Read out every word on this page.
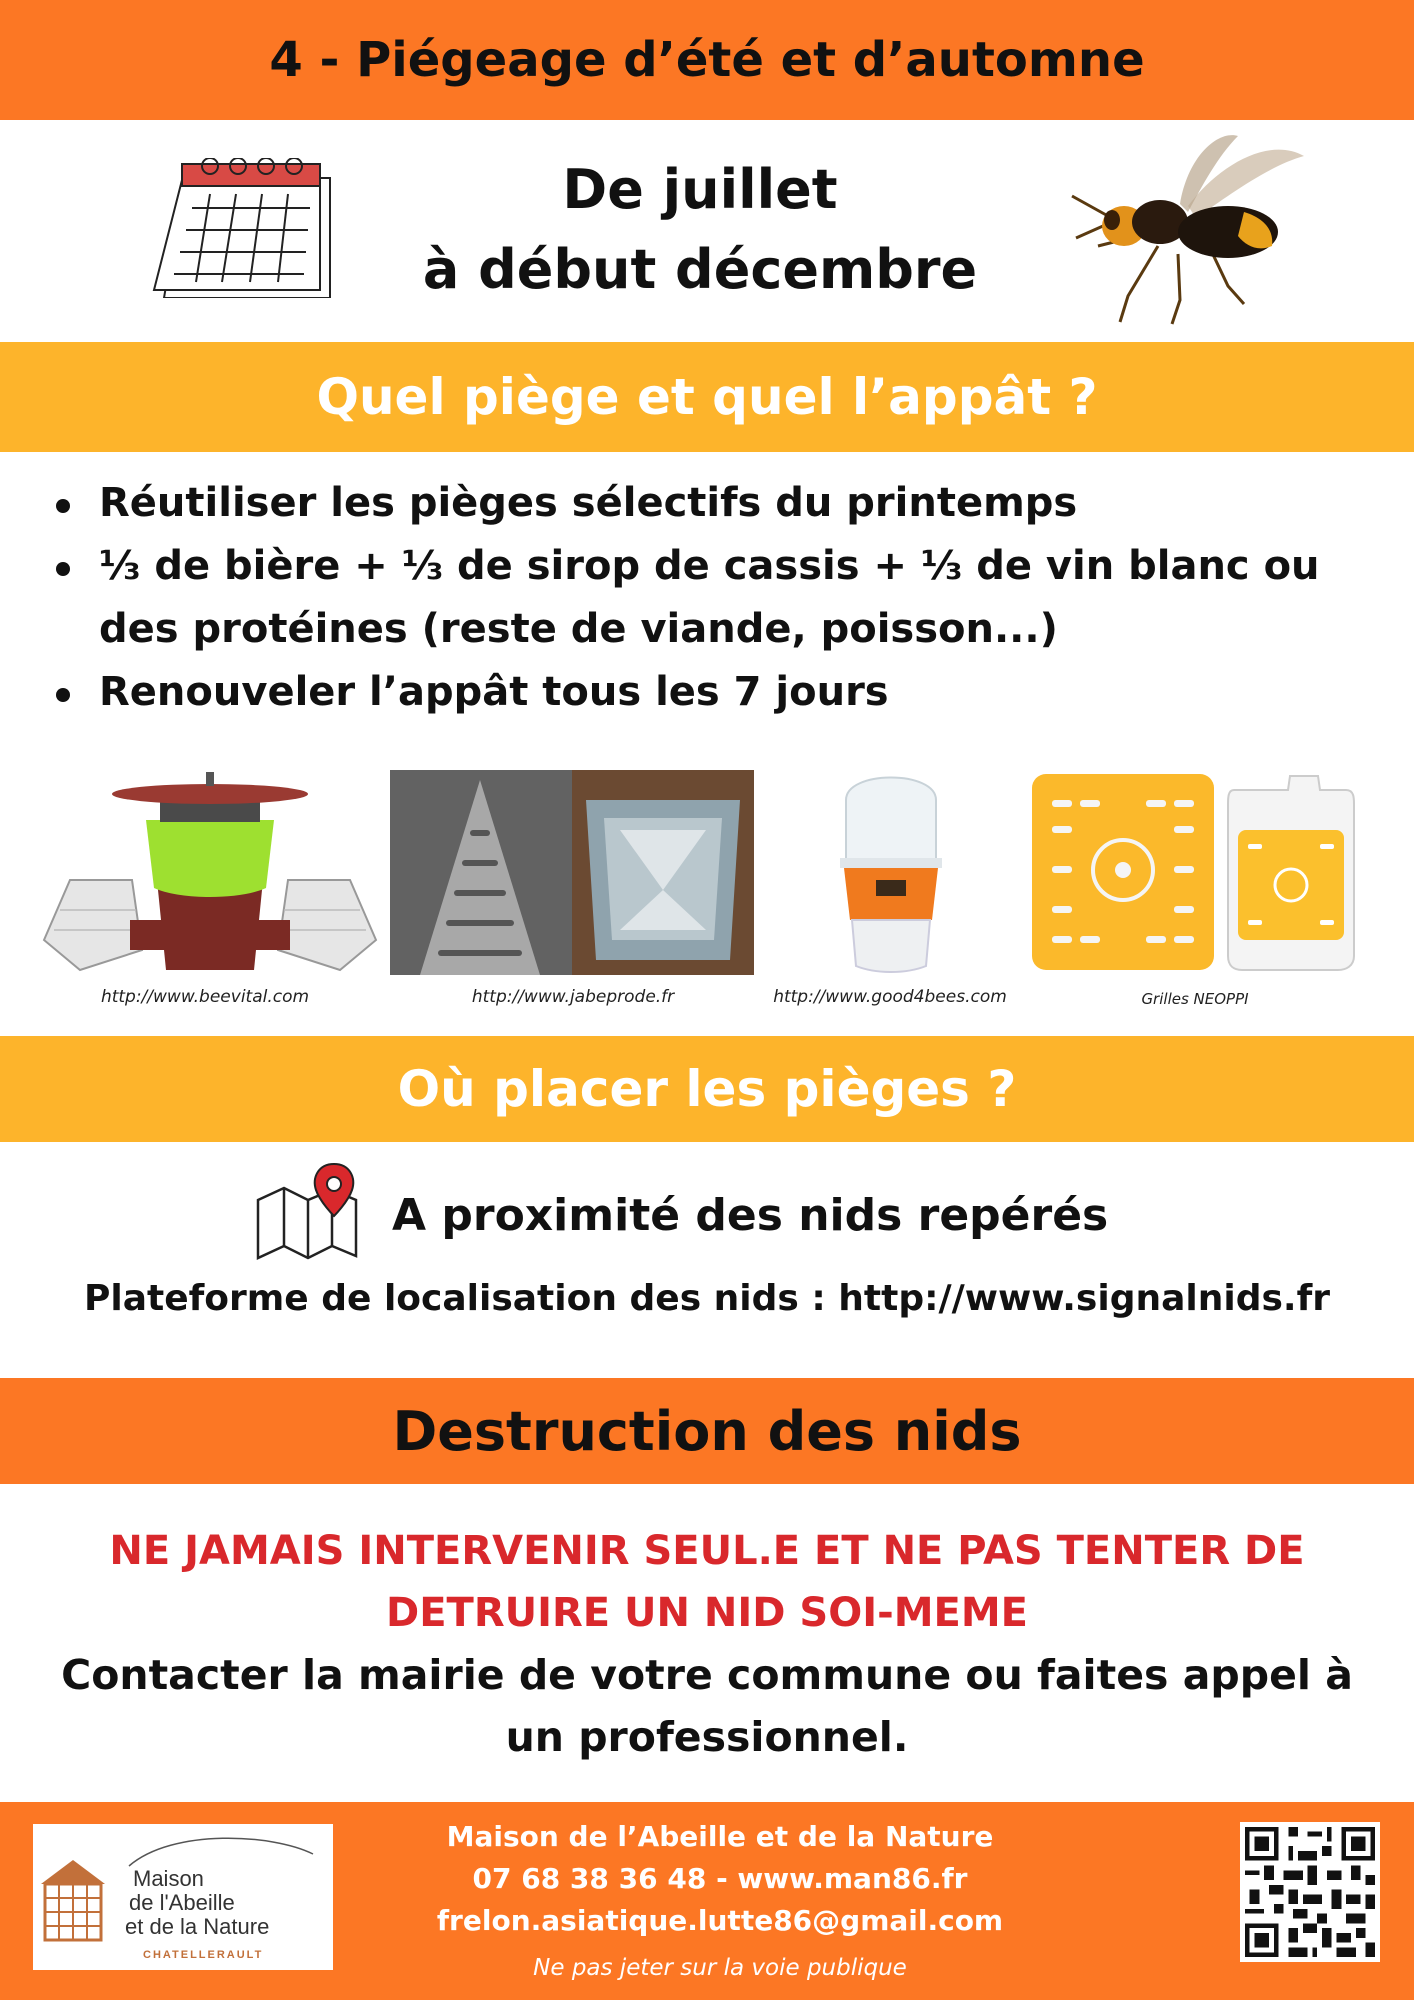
4 - Piégeage d’été et d’automne
De juillet
à début décembre
Quel piège et quel l’appât ?
Réutiliser les pièges sélectifs du printemps
⅓ de bière + ⅓ de sirop de cassis + ⅓ de vin blanc ou des protéines (reste de viande, poisson...)
Renouveler l’appât tous les 7 jours
http://www.beevital.com	http://www.jabeprode.fr	http://www.good4bees.com	Grilles NEOPPI
Où placer les pièges ?
A proximité des nids repérés
Plateforme de localisation des nids : http://www.signalnids.fr
Destruction des nids
NE JAMAIS INTERVENIR SEUL.E ET NE PAS TENTER DE DETRUIRE UN NID SOI-MEME
Contacter la mairie de votre commune ou faites appel à un professionnel.
Maison
de l'Abeille
et de la Nature
CHATELLERAULT
Maison de l’Abeille et de la Nature
07 68 38 36 48 - www.man86.fr
frelon.asiatique.lutte86@gmail.com
Ne pas jeter sur la voie publique
